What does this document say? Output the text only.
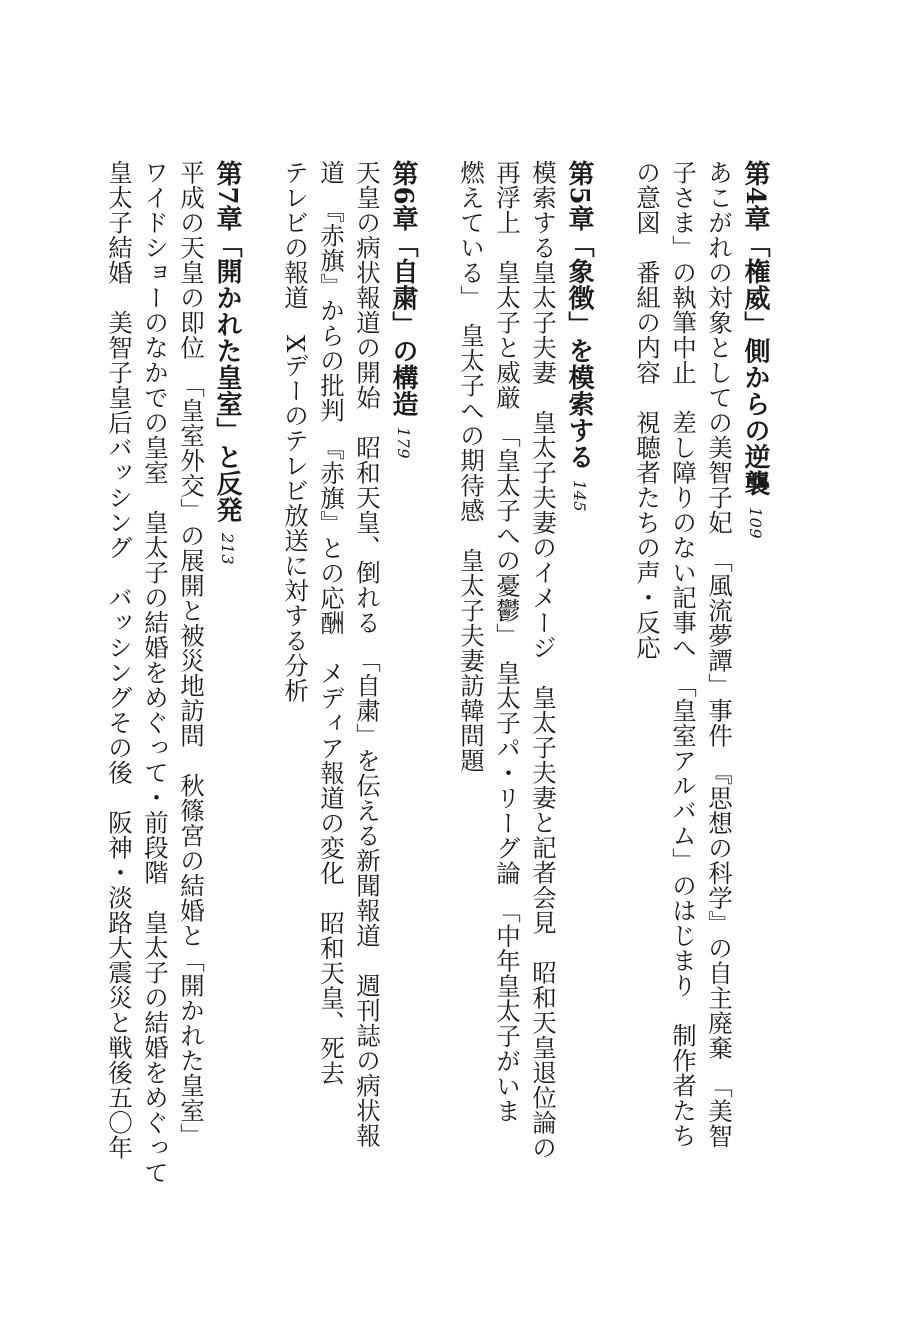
第4章「権威」側からの逆襲109
あこがれの対象としての美智子妃　「風流夢譚」事件　『思想の科学』の自主廃棄　「美智
子さま」の執筆中止　差し障りのない記事へ　「皇室アルバム」のはじまり　制作者たち
の意図　番組の内容　視聴者たちの声・反応
第5章「象徴」を模索する145
模索する皇太子夫妻　皇太子夫妻のイメージ　皇太子夫妻と記者会見　昭和天皇退位論の
再浮上　皇太子と威厳　「皇太子への憂鬱」　皇太子パ・リーグ論　「中年皇太子がいま
燃えている」　皇太子への期待感　皇太子夫妻訪韓問題
第6章「自粛」の構造179
天皇の病状報道の開始　昭和天皇、倒れる　「自粛」を伝える新聞報道　週刊誌の病状報
道　『赤旗』からの批判　『赤旗』との応酬　メディア報道の変化　昭和天皇、死去
テレビの報道　Xデーのテレビ放送に対する分析
第7章「開かれた皇室」と反発213
平成の天皇の即位　「皇室外交」の展開と被災地訪問　秋篠宮の結婚と「開かれた皇室」
ワイドショーのなかでの皇室　皇太子の結婚をめぐって・前段階　皇太子の結婚をめぐって
皇太子結婚　美智子皇后バッシング　バッシングその後　阪神・淡路大震災と戦後五〇年
